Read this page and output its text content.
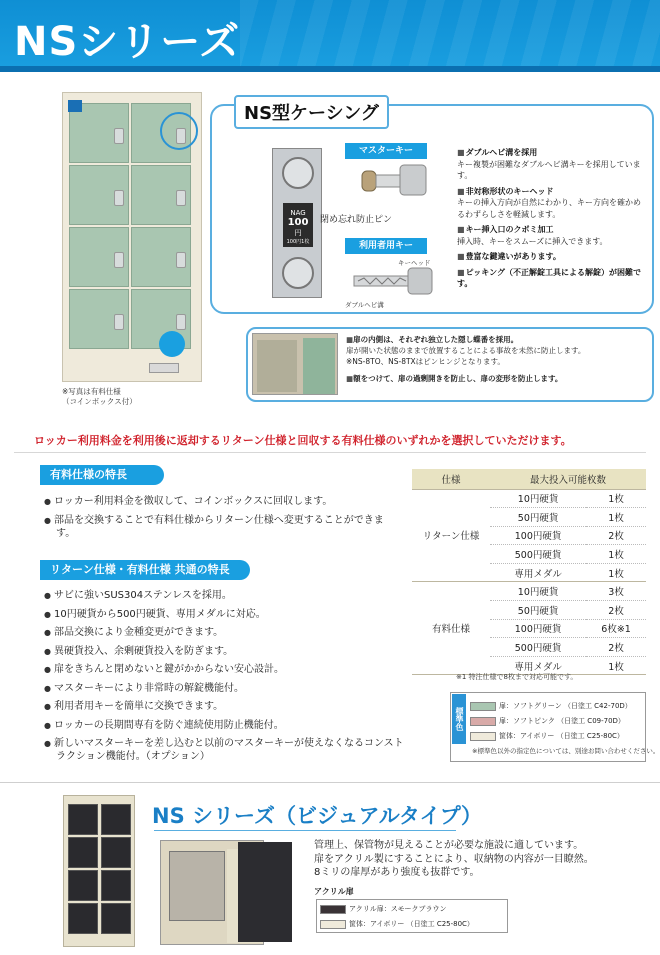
NSシリーズ
※写真は有料仕様
（コインボックス付）
NS型ケーシング
NAG
100
円
100円1枚
マスターキー
閉め忘れ防止ピン
利用者用キー
キーヘッド
ダブルヘビ溝
■ ダブルヘビ溝を採用
キー複製が困難なダブルヘビ溝キーを採用しています。
■ 非対称形状のキーヘッド
キーの挿入方向が自然にわかり、キー方向を確かめるわずらしさを軽減します。
■ キー挿入口のクボミ加工
挿入時、キーをスムーズに挿入できます。
■ 豊富な鍵違いがあります。
■ ピッキング（不正解錠工具による解錠）が困難です。
■ 扉の内側は、それぞれ独立した隠し蝶番を採用。
扉が開いた状態のままで放置することによる事故を未然に防止します。
※NS-8TO、NS-8TXはピンヒンジとなります。
■ 額をつけて、扉の過剰開きを防止し、扉の変形を防止します。
ロッカー利用料金を利用後に返却するリターン仕様と回収する有料仕様のいずれかを選択していただけます。
有料仕様の特長
● ロッカー利用料金を徴収して、コインボックスに回収します。
● 部品を交換することで有料仕様からリターン仕様へ変更することができます。
リターン仕様・有料仕様 共通の特長
● サビに強いSUS304ステンレスを採用。
● 10円硬貨から500円硬貨、専用メダルに対応。
● 部品交換により金種変更ができます。
● 異硬貨投入、余剰硬貨投入を防ぎます。
● 扉をきちんと閉めないと鍵がかからない安心設計。
● マスターキーにより非常時の解錠機能付。
● 利用者用キーを簡単に交換できます。
● ロッカーの長期間専有を防ぐ連続使用防止機能付。
● 新しいマスターキーを差し込むと以前のマスターキーが使えなくなるコンストラクション機能付。（オプション）
仕様	最大投入可能枚数	
リターン仕様	10円硬貨	1枚
	50円硬貨	1枚
	100円硬貨	2枚
	500円硬貨	1枚
	専用メダル	1枚
有料仕様	10円硬貨	3枚
	50円硬貨	2枚
	100円硬貨	6枚※1
	500円硬貨	2枚
	専用メダル	1枚
※1 特注仕様で8枚まで対応可能です。
標準色
扉：ソフトグリーン （日塗工 C42-70D）
扉：ソフトピンク （日塗工 C09-70D）
筐体：アイボリー （日塗工 C25-80C）
※標準色以外の指定色については、別途お問い合わせください。
NS シリーズ（ビジュアルタイプ）
管理上、保管物が見えることが必要な施設に適しています。
扉をアクリル製にすることにより、収納物の内容が一目瞭然。
8ミリの扉厚があり強度も抜群です。
アクリル扉
アクリル扉：スモークブラウン
筐体：アイボリー （日塗工 C25-80C）
